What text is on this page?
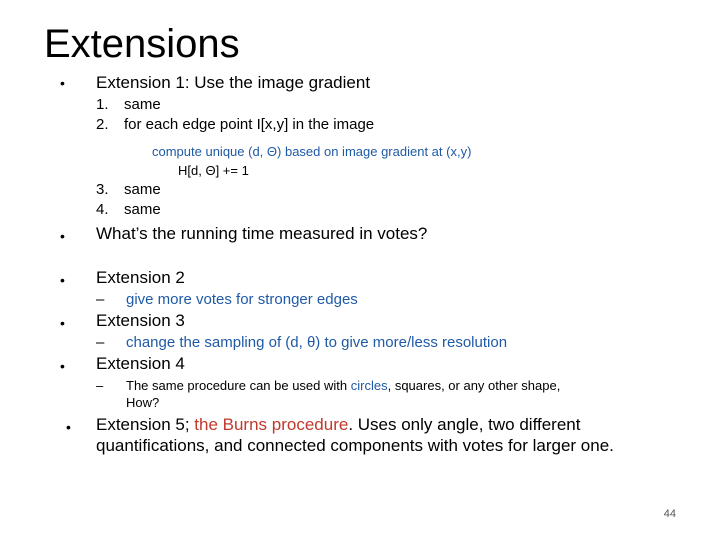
Extensions
• Extension 1: Use the image gradient
1. same
2. for each edge point I[x,y] in the image
compute unique (d, Θ) based on image gradient at (x,y)
H[d, Θ] += 1
3. same
4. same
• What’s the running time measured in votes?
• Extension 2
– give more votes for stronger edges
• Extension 3
– change the sampling of (d, θ) to give more/less resolution
• Extension 4
– The same procedure can be used with circles, squares, or any other shape,
How?
• Extension 5; the Burns procedure. Uses only angle, two different
quantifications, and connected components with votes for larger one.
44
